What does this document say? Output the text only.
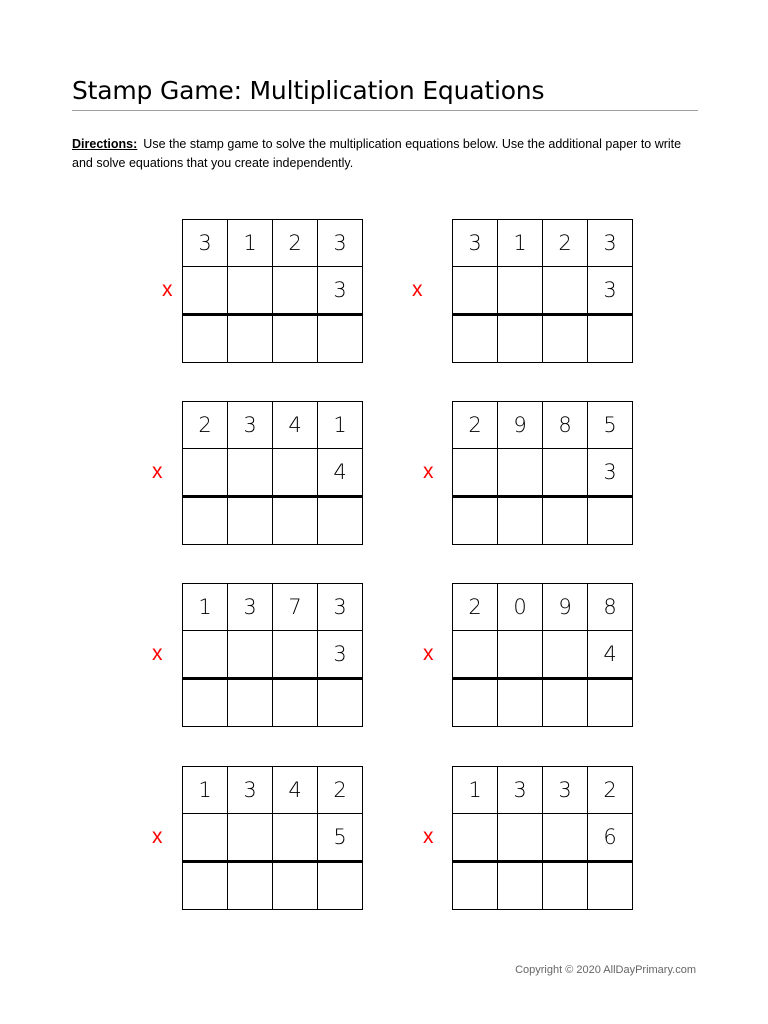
Stamp Game: Multiplication Equations
Directions: Use the stamp game to solve the multiplication equations below. Use the additional paper to write and solve equations that you create independently.
3	1	2	3
			3

x
3	1	2	3
			3

x
2	3	4	1
			4

x
2	9	8	5
			3

x
1	3	7	3
			3

x
2	0	9	8
			4

x
1	3	4	2
			5

x
1	3	3	2
			6

x
Copyright © 2020 AllDayPrimary.com
